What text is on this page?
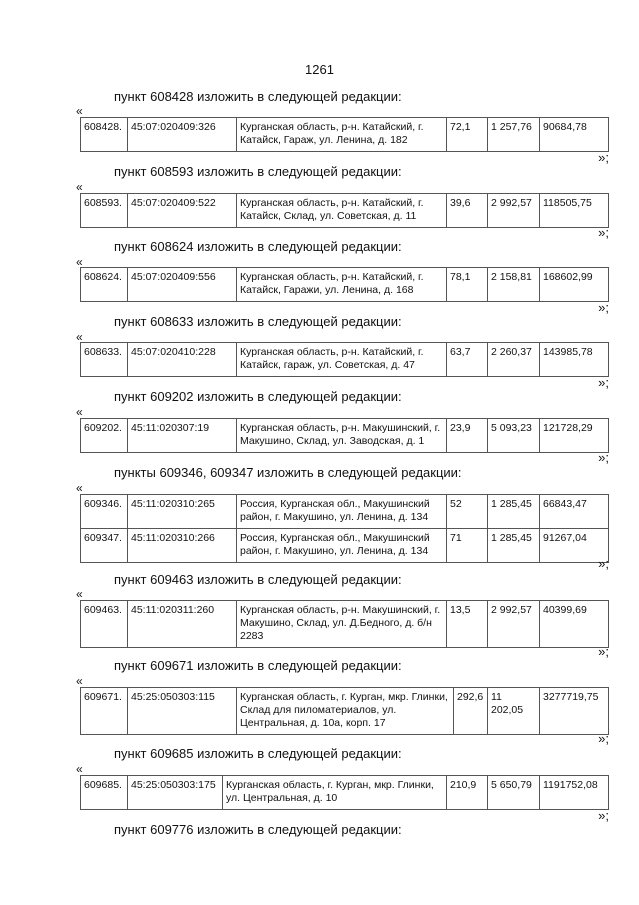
1261
пункт 608428 изложить в следующей редакции:
«
608428.	45:07:020409:326	Курганская область, р-н. Катайский, г. Катайск, Гараж, ул. Ленина, д. 182	72,1	1 257,76	90684,78
»;
пункт 608593 изложить в следующей редакции:
«
608593.	45:07:020409:522	Курганская область, р-н. Катайский, г. Катайск, Склад, ул. Советская, д. 11	39,6	2 992,57	118505,75
»;
пункт 608624 изложить в следующей редакции:
«
608624.	45:07:020409:556	Курганская область, р-н. Катайский, г. Катайск, Гаражи, ул. Ленина, д. 168	78,1	2 158,81	168602,99
»;
пункт 608633 изложить в следующей редакции:
«
608633.	45:07:020410:228	Курганская область, р-н. Катайский, г. Катайск, гараж, ул. Советская, д. 47	63,7	2 260,37	143985,78
»;
пункт 609202 изложить в следующей редакции:
«
609202.	45:11:020307:19	Курганская область, р-н. Макушинский, г. Макушино, Склад, ул. Заводская, д. 1	23,9	5 093,23	121728,29
»;
пункты 609346, 609347 изложить в следующей редакции:
«
609346.	45:11:020310:265	Россия, Курганская обл., Макушинский район, г. Макушино, ул. Ленина, д. 134	52	1 285,45	66843,47
609347.	45:11:020310:266	Россия, Курганская обл., Макушинский район, г. Макушино, ул. Ленина, д. 134	71	1 285,45	91267,04
»;
пункт 609463 изложить в следующей редакции:
«
609463.	45:11:020311:260	Курганская область, р-н. Макушинский, г. Макушино, Склад, ул. Д.Бедного, д. б/н 2283	13,5	2 992,57	40399,69
»;
пункт 609671 изложить в следующей редакции:
«
609671.	45:25:050303:115	Курганская область, г. Курган, мкр. Глинки, Склад для пиломатериалов, ул. Центральная, д. 10а, корп. 17	292,6	11 202,05	3277719,75
»;
пункт 609685 изложить в следующей редакции:
«
609685.	45:25:050303:175	Курганская область, г. Курган, мкр. Глинки, ул. Центральная, д. 10	210,9	5 650,79	1191752,08
»;
пункт 609776 изложить в следующей редакции:
